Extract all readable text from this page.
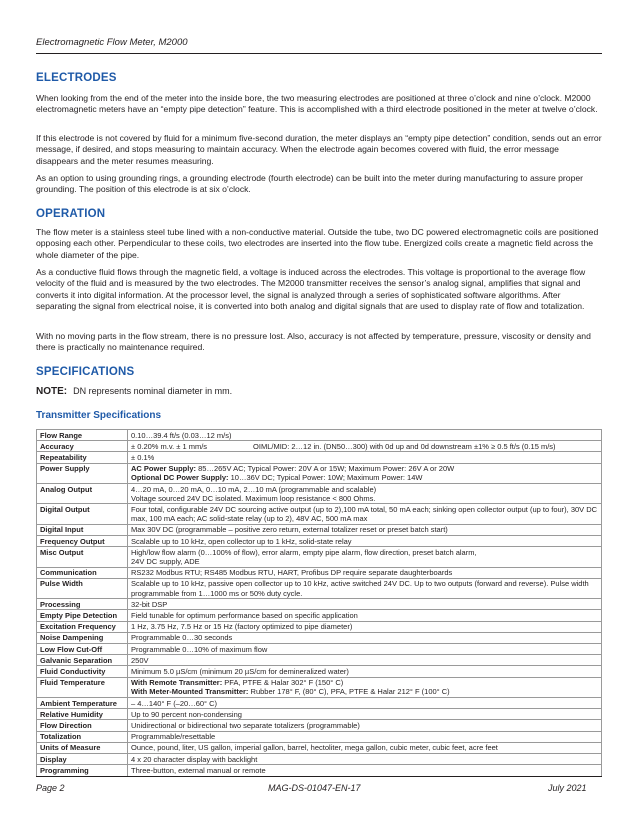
Electromagnetic Flow Meter, M2000
ELECTRODES
When looking from the end of the meter into the inside bore, the two measuring electrodes are positioned at three o’clock and nine o’clock. M2000 electromagnetic meters have an “empty pipe detection” feature. This is accomplished with a third electrode positioned in the meter at twelve o’clock.
If this electrode is not covered by fluid for a minimum five-second duration, the meter displays an “empty pipe detection” condition, sends out an error message, if desired, and stops measuring to maintain accuracy. When the electrode again becomes covered with fluid, the error message disappears and the meter resumes measuring.
As an option to using grounding rings, a grounding electrode (fourth electrode) can be built into the meter during manufacturing to assure proper grounding. The position of this electrode is at six o’clock.
OPERATION
The flow meter is a stainless steel tube lined with a non-conductive material. Outside the tube, two DC powered electromagnetic coils are positioned opposing each other. Perpendicular to these coils, two electrodes are inserted into the flow tube. Energized coils create a magnetic field across the whole diameter of the pipe.
As a conductive fluid flows through the magnetic field, a voltage is induced across the electrodes. This voltage is proportional to the average flow velocity of the fluid and is measured by the two electrodes. The M2000 transmitter receives the sensor’s analog signal, amplifies that signal and converts it into digital information. At the processor level, the signal is analyzed through a series of sophisticated software algorithms. After separating the signal from electrical noise, it is converted into both analog and digital signals that are used to display rate of flow and totalization.
With no moving parts in the flow stream, there is no pressure lost. Also, accuracy is not affected by temperature, pressure, viscosity or density and there is practically no maintenance required.
SPECIFICATIONS
NOTE: DN represents nominal diameter in mm.
Transmitter Specifications
Flow Range	0.10…39.4 ft/s (0.03…12 m/s)
Accuracy	± 0.20% m.v. ± 1 mm/s OIML/MID: 2…12 in. (DN50…300) with 0d up and 0d downstream ±1% ≥ 0.5 ft/s (0.15 m/s)
Repeatability	± 0.1%
Power Supply	AC Power Supply: 85…265V AC; Typical Power: 20V A or 15W; Maximum Power: 26V A or 20W
Optional DC Power Supply: 10…36V DC; Typical Power: 10W; Maximum Power: 14W
Analog Output	4…20 mA, 0…20 mA, 0…10 mA, 2…10 mA (programmable and scalable)
Voltage sourced 24V DC isolated. Maximum loop resistance < 800 Ohms.
Digital Output	Four total, configurable 24V DC sourcing active output (up to 2),100 mA total, 50 mA each; sinking open collector output (up to four), 30V DC max, 100 mA each; AC solid-state relay (up to 2), 48V AC, 500 mA max
Digital Input	Max 30V DC (programmable – positive zero return, external totalizer reset or preset batch start)
Frequency Output	Scalable up to 10 kHz, open collector up to 1 kHz, solid-state relay
Misc Output	High/low flow alarm (0…100% of flow), error alarm, empty pipe alarm, flow direction, preset batch alarm,
24V DC supply, ADE
Communication	RS232 Modbus RTU; RS485 Modbus RTU, HART, Profibus DP require separate daughterboards
Pulse Width	Scalable up to 10 kHz, passive open collector up to 10 kHz, active switched 24V DC. Up to two outputs (forward and reverse). Pulse width programmable from 1…1000 ms or 50% duty cycle.
Processing	32-bit DSP
Empty Pipe Detection	Field tunable for optimum performance based on specific application
Excitation Frequency	1 Hz, 3.75 Hz, 7.5 Hz or 15 Hz (factory optimized to pipe diameter)
Noise Dampening	Programmable 0…30 seconds
Low Flow Cut-Off	Programmable 0…10% of maximum flow
Galvanic Separation	250V
Fluid Conductivity	Minimum 5.0 µS/cm (minimum 20 µS/cm for demineralized water)
Fluid Temperature	With Remote Transmitter: PFA, PTFE & Halar 302° F (150° C)
With Meter-Mounted Transmitter: Rubber 178° F, (80° C), PFA, PTFE & Halar 212° F (100° C)
Ambient Temperature	– 4…140° F (–20…60° C)
Relative Humidity	Up to 90 percent non-condensing
Flow Direction	Unidirectional or bidirectional two separate totalizers (programmable)
Totalization	Programmable/resettable
Units of Measure	Ounce, pound, liter, US gallon, imperial gallon, barrel, hectoliter, mega gallon, cubic meter, cubic feet, acre feet
Display	4 x 20 character display with backlight
Programming	Three-button, external manual or remote
Page 2	MAG-DS-01047-EN-17	July 2021
